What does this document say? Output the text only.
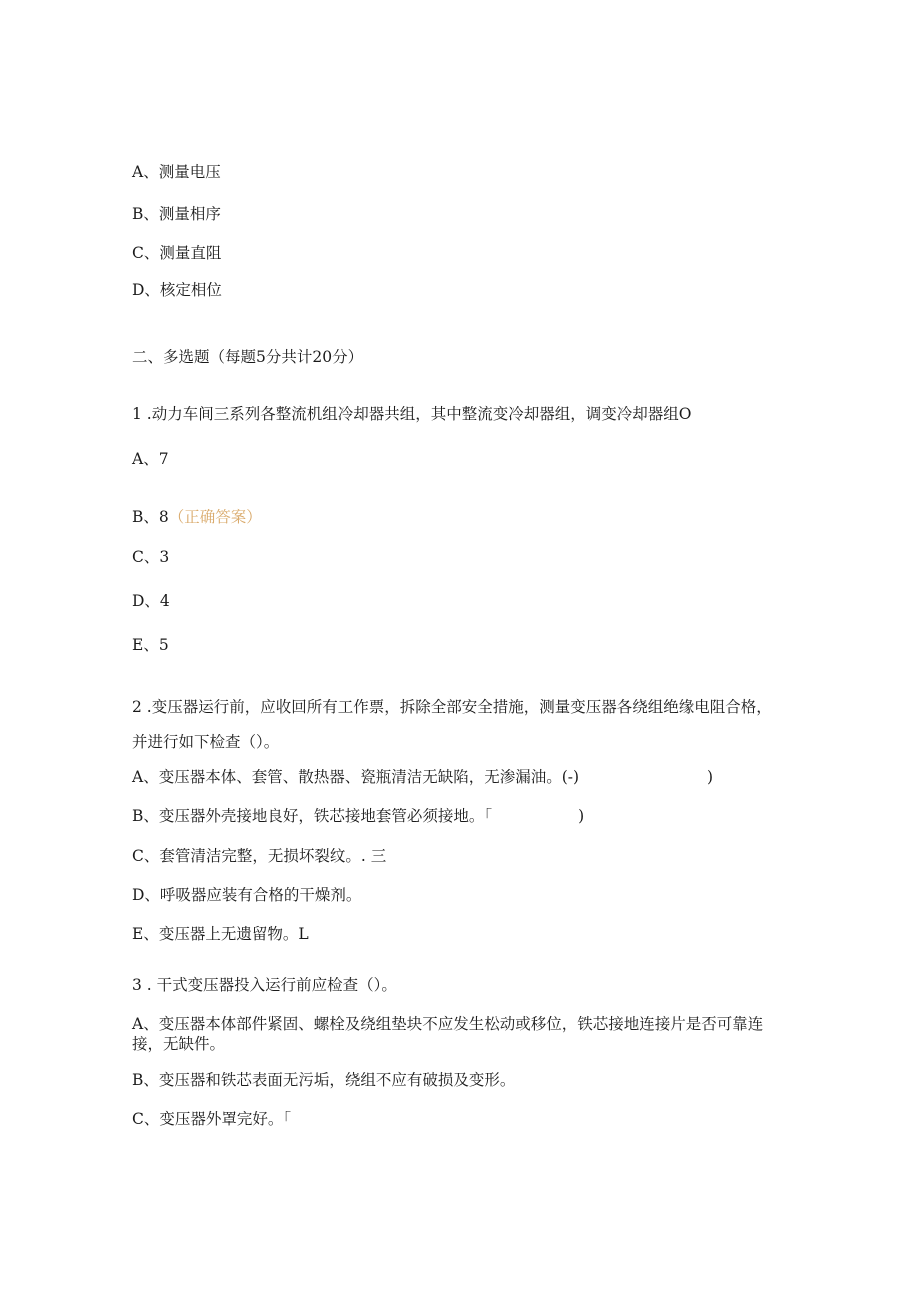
A、测量电压
B、测量相序
C、测量直阻
D、核定相位
二、多选题（每题5分共计20分）
1 .动力车间三系列各整流机组冷却器共组，其中整流变冷却器组，调变冷却器组O
A、7
B、8（正确答案）
C、3
D、4
E、5
2 .变压器运行前，应收回所有工作票，拆除全部安全措施，测量变压器各绕组绝缘电阻合格，并进行如下检查（）。
A、变压器本体、套管、散热器、瓷瓶清洁无缺陷，无渗漏油。(-)	)
B、变压器外壳接地良好，铁芯接地套管必须接地。「	)
C、套管清洁完整，无损坏裂纹。. 三
D、呼吸器应装有合格的干燥剂。
E、变压器上无遗留物。L
3 . 干式变压器投入运行前应检查（）。
A、变压器本体部件紧固、螺栓及绕组垫块不应发生松动或移位，铁芯接地连接片是否可靠连接，无缺件。
B、变压器和铁芯表面无污垢，绕组不应有破损及变形。
C、变压器外罩完好。「
